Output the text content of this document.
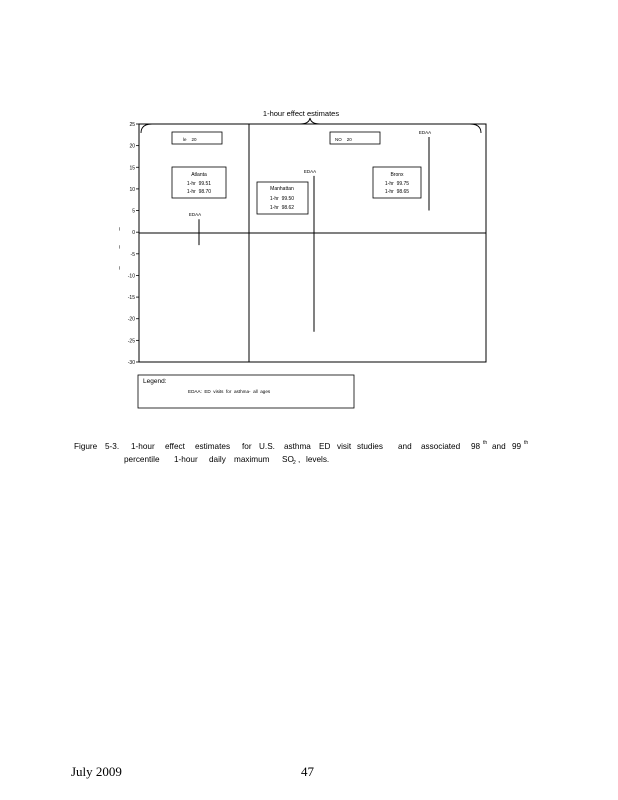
1-hour effect estimates
25
20
15
10
5
0
-5
-10
-15
-20
-25
-30
–
–
–
le    20	NO    20
Atlanta
1-hr  99.51
1-hr  98.70	Manhattan
1-hr  99.50
1-hr  98.62
Bronx
1-hr  99.75
1-hr  98.65
EDAA
EDAA
EDAA
Legend:
EDAA:  ED  visits  for  asthma-  all  ages
Figure 5-3. 1-hour effect estimates for U.S. asthma ED visit studies and associated 98 th and 99 th
percentile 1-hour daily maximum SO 2 , levels.
July 2009	47
